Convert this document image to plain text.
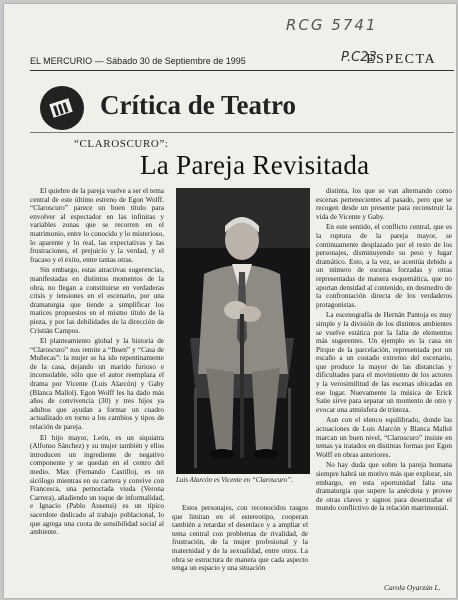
RCG 5741
P.C23
EL MERCURIO — Sábado 30 de Septiembre de 1995	ESPECTA
Crítica de Teatro
“CLAROSCURO”:
La Pareja Revisitada

El quiebre de la pareja vuelve a ser el tema central de este último estreno de Egon Wolff. “Claroscuro” parece un buen título para envolver al espectador en las infinitas y variables zonas que se recorren en el matrimonio, entre lo conocido y lo misterioso, lo aparente y lo real, las expectativas y las frustraciones, el prejuicio y la verdad, y el fracaso y el éxito, entre tantas otras.

Sin embargo, estas atractivas sugerencias, manifestadas en distintos momentos de la obra, no llegan a constituirse en verdaderas crisis y tensiones en el escenario, por una dramaturgia que tiende a simplificar los matices propuestos en el mismo título de la pieza, y por las debilidades de la dirección de Cristián Campos.

El planteamiento global y la historia de “Claroscuro” nos remite a “Ibsen” y “Casa de Muñecas”: la mujer se ha ido repentinamente de la casa, dejando un marido furioso e inconsolable, sólo que el autor reemplaza el drama por Vicente (Luis Alarcón) y Gaby (Blanca Mallol). Egon Wolff les ha dado más años de convivencia (30) y tres hijos ya adultos que ayudan a formar un cuadro actualizado en torno a los cambios y tipos de relación de pareja.

El hijo mayor, León, es un siquiatra (Alfonso Sánchez) y su mujer también y ellos introducen un ingrediente de negativo componente y se quedan en el centro del medio. Max (Fernando Castillo), es un sicólogo mientras en su carrera y convive con Francesca, una pernoctada viuda (Verona Carrera), añadiendo un toque de informalidad, e Ignacio (Pablo Ausensi) es un típico sacerdote dedicado al trabajo poblacional, lo que agrega una cuota de sensibilidad social al ambiente.

Luis Alarcón es Vicente en “Claroscuro”.

Estos personajes, con reconocidos rasgos que limitan en el estereotipo, cooperan también a retardar el desenlace y a ampliar el tema central con problemas de rivalidad, de frustración, de la mujer profesional y la maternidad y de la sexualidad, entre otros. La obra se estructura de manera que cada aspecto tenga un espacio y una situación

distinta, los que se van alternando como escenas pertenecientes al pasado, pero que se recogen desde un presente para reconstruir la vida de Vicente y Gaby.

En este sentido, el conflicto central, que es la ruptura de la pareja mayor, se continuamente desplazado por el resto de los personajes, disminuyendo su peso y lugar dramático. Esto, a la vez, se acentúa debido a un número de escenas forzadas y otras representadas de manera esquemática, que no aportan densidad al contenido, en desmedro de la confrontación directa de los verdaderos protagonistas.

La escenografía de Hernán Pantoja es muy simple y la división de los distintos ambientes se vuelve estática por la falta de elementos más sugerentes. Un ejemplo es la casa en Pirque de la parcelación, representada por un escaño a un costado extremo del escenario, que produce la mayor de las distancias y dificultades para el movimiento de los actores y la verosimilitud de las escenas ubicadas en ese lugar. Nuevamente la música de Erick Satie sirve para separar un momento de otro y evocar una atmósfera de tristeza.

Aun con el elenco equilibrado, donde las actuaciones de Luis Alarcón y Blanca Mallol marcan un buen nivel, “Claroscuro” insiste en temas ya tratados en distintas formas por Egon Wolff en obras anteriores.

No hay duda que sobre la pareja humana siempre habrá un motivo más que explorar, sin embargo, en esta oportunidad falta una dramaturgia que supere la anécdota y provee de otras claves y signos para desentrañar el mundo conflictivo de la relación matrimonial.

Carola Oyarzún L.
